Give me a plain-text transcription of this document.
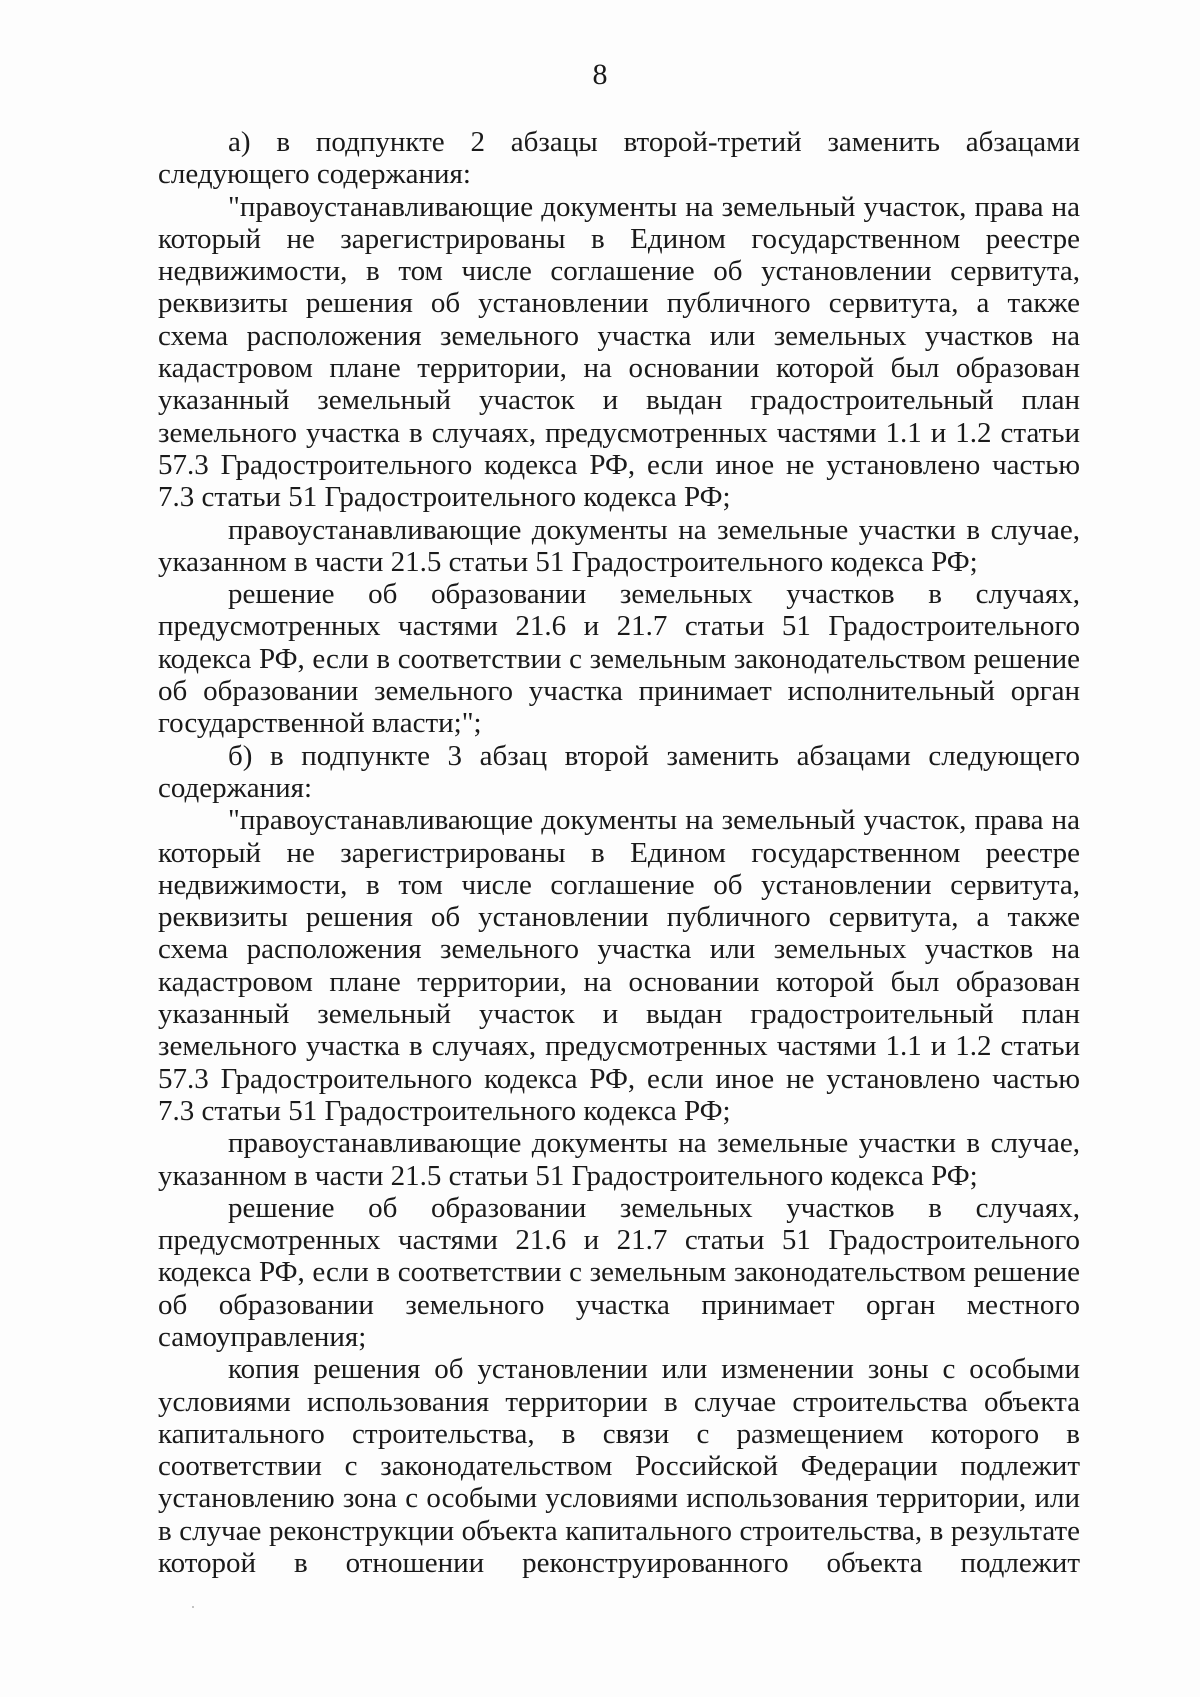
8

а) в подпункте 2 абзацы второй-третий заменить абзацами следующего содержания:

"правоустанавливающие документы на земельный участок, права на который не зарегистрированы в Едином государственном реестре недвижимости, в том числе соглашение об установлении сервитута, реквизиты решения об установлении публичного сервитута, а также схема расположения земельного участка или земельных участков на кадастровом плане территории, на основании которой был образован указанный земельный участок и выдан градостроительный план земельного участка в случаях, предусмотренных частями 1.1 и 1.2 статьи 57.3 Градостроительного кодекса РФ, если иное не установлено частью 7.3 статьи 51 Градостроительного кодекса РФ;

правоустанавливающие документы на земельные участки в случае, указанном в части 21.5 статьи 51 Градостроительного кодекса РФ;

решение об образовании земельных участков в случаях, предусмотренных частями 21.6 и 21.7 статьи 51 Градостроительного кодекса РФ, если в соответствии с земельным законодательством решение об образовании земельного участка принимает исполнительный орган государственной власти;";

б) в подпункте 3 абзац второй заменить абзацами следующего содержания:

"правоустанавливающие документы на земельный участок, права на который не зарегистрированы в Едином государственном реестре недвижимости, в том числе соглашение об установлении сервитута, реквизиты решения об установлении публичного сервитута, а также схема расположения земельного участка или земельных участков на кадастровом плане территории, на основании которой был образован указанный земельный участок и выдан градостроительный план земельного участка в случаях, предусмотренных частями 1.1 и 1.2 статьи 57.3 Градостроительного кодекса РФ, если иное не установлено частью 7.3 статьи 51 Градостроительного кодекса РФ;

правоустанавливающие документы на земельные участки в случае, указанном в части 21.5 статьи 51 Градостроительного кодекса РФ;

решение об образовании земельных участков в случаях, предусмотренных частями 21.6 и 21.7 статьи 51 Градостроительного кодекса РФ, если в соответствии с земельным законодательством решение об образовании земельного участка принимает орган местного самоуправления;

копия решения об установлении или изменении зоны с особыми условиями использования территории в случае строительства объекта капитального строительства, в связи с размещением которого в соответствии с законодательством Российской Федерации подлежит установлению зона с особыми условиями использования территории, или в случае реконструкции объекта капитального строительства, в результате которой в отношении реконструированного объекта подлежит
